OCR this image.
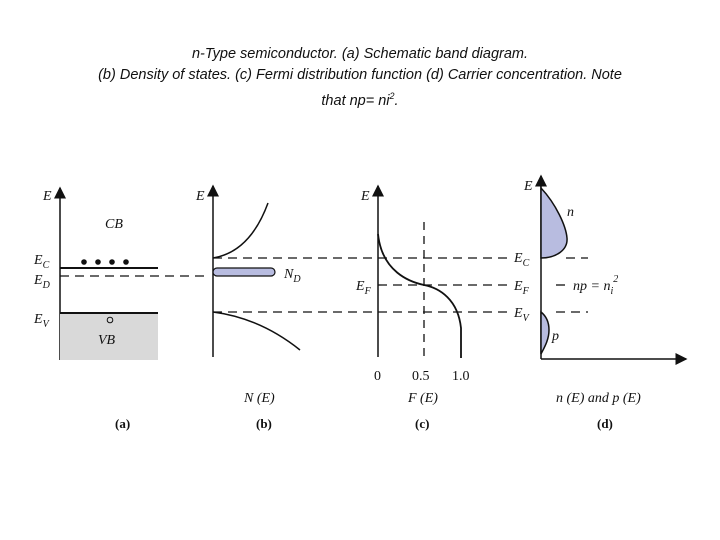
n-Type semiconductor. (a) Schematic band diagram.
(b) Density of states. (c) Fermi distribution function (d) Carrier concentration. Note
that $np= ni^2$.
E
CB
VB
$E_C$
$E_D$
$E_V$
(a)
E
$N_D$
N (E)
(b)
E
$E_F$
0 0.5 1.0
F (E)
(c)
E
n
p
$E_C$
$E_F$
$E_V$
np = $n_i^2$
n (E) and p (E)
(d)
